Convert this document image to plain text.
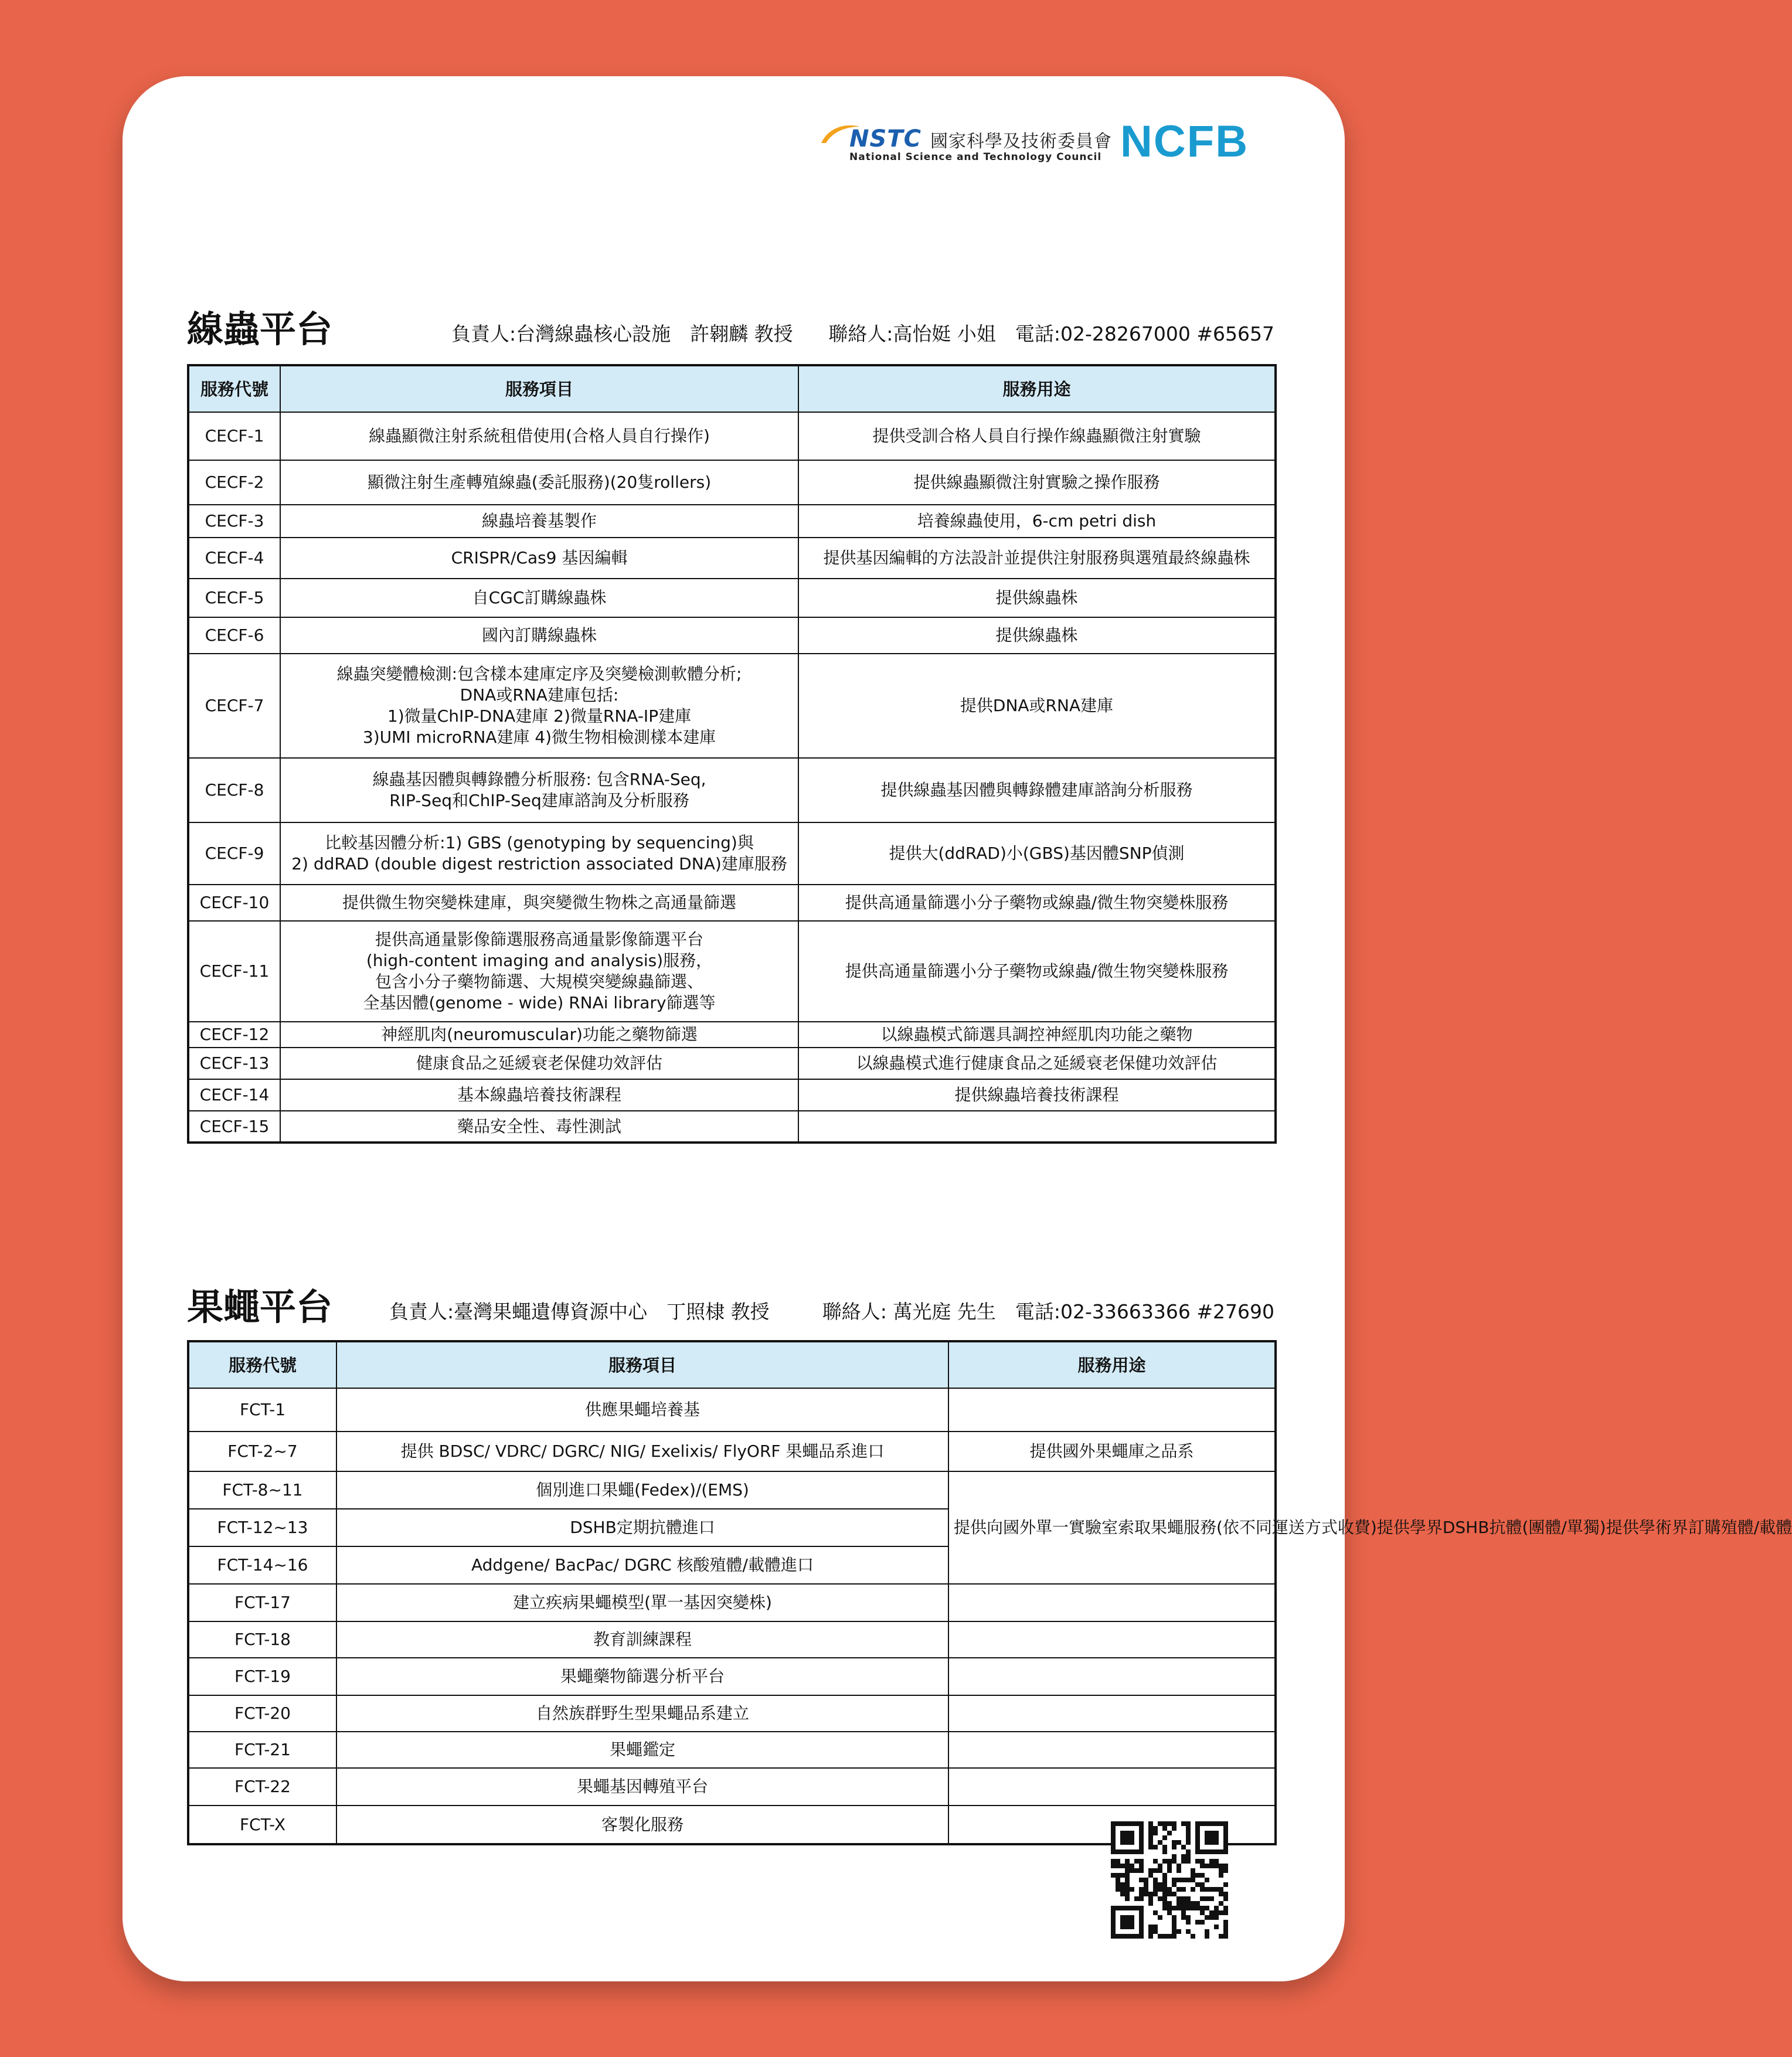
NSTC 國家科學及技術委員會
National Science and Technology Council NCFB
線蟲平台	負責人:台灣線蟲核心設施　許翱麟 教授 聯絡人:高怡娗 小姐　電話:02-28267000 #65657
服務代號	服務項目	服務用途
CECF-1	線蟲顯微注射系統租借使用(合格人員自行操作)	提供受訓合格人員自行操作線蟲顯微注射實驗

CECF-2	顯微注射生產轉殖線蟲(委託服務)(20隻rollers)	提供線蟲顯微注射實驗之操作服務

CECF-3	線蟲培養基製作	培養線蟲使用，6-cm petri dish

CECF-4	CRISPR/Cas9 基因編輯	提供基因編輯的方法設計並提供注射服務與選殖最終線蟲株

CECF-5	自CGC訂購線蟲株	提供線蟲株

CECF-6	國內訂購線蟲株	提供線蟲株

CECF-7	線蟲突變體檢測:包含樣本建庫定序及突變檢測軟體分析;
DNA或RNA建庫包括:
1)微量ChIP-DNA建庫 2)微量RNA-IP建庫
3)UMI microRNA建庫 4)微生物相檢測樣本建庫	提供DNA或RNA建庫

CECF-8	線蟲基因體與轉錄體分析服務: 包含RNA-Seq,
RIP-Seq和ChIP-Seq建庫諮詢及分析服務	提供線蟲基因體與轉錄體建庫諮詢分析服務

CECF-9	比較基因體分析:1) GBS (genotyping by sequencing)與
2) ddRAD (double digest restriction associated DNA)建庫服務	提供大(ddRAD)小(GBS)基因體SNP偵測

CECF-10	提供微生物突變株建庫，與突變微生物株之高通量篩選	提供高通量篩選小分子藥物或線蟲/微生物突變株服務

CECF-11	提供高通量影像篩選服務高通量影像篩選平台
(high-content imaging and analysis)服務，
包含小分子藥物篩選、大規模突變線蟲篩選、
全基因體(genome - wide) RNAi library篩選等	提供高通量篩選小分子藥物或線蟲/微生物突變株服務

CECF-12	神經肌肉(neuromuscular)功能之藥物篩選	以線蟲模式篩選具調控神經肌肉功能之藥物

CECF-13	健康食品之延緩衰老保健功效評估	以線蟲模式進行健康食品之延緩衰老保健功效評估

CECF-14	基本線蟲培養技術課程	提供線蟲培養技術課程

CECF-15	藥品安全性、毒性測試	

果蠅平台	負責人:臺灣果蠅遺傳資源中心　丁照棣 教授	聯絡人: 萬光庭 先生　電話:02-33663366 #27690
服務代號	服務項目	服務用途
FCT-1	供應果蠅培養基	
FCT-2~7	提供 BDSC/ VDRC/ DGRC/ NIG/ Exelixis/ FlyORF 果蠅品系進口	提供國外果蠅庫之品系
FCT-8~11	個別進口果蠅(Fedex)/(EMS)	提供向國外單一實驗室索取果蠅服務(依不同運送方式收費)提供學界DSHB抗體(團體/單獨)提供學術界訂購殖體/載體
FCT-12~13	DSHB定期抗體進口	
FCT-14~16	Addgene/ BacPac/ DGRC 核酸殖體/載體進口	
FCT-17	建立疾病果蠅模型(單一基因突變株)	
FCT-18	教育訓練課程	
FCT-19	果蠅藥物篩選分析平台	
FCT-20	自然族群野生型果蠅品系建立	
FCT-21	果蠅鑑定	
FCT-22	果蠅基因轉殖平台	
FCT-X	客製化服務	
